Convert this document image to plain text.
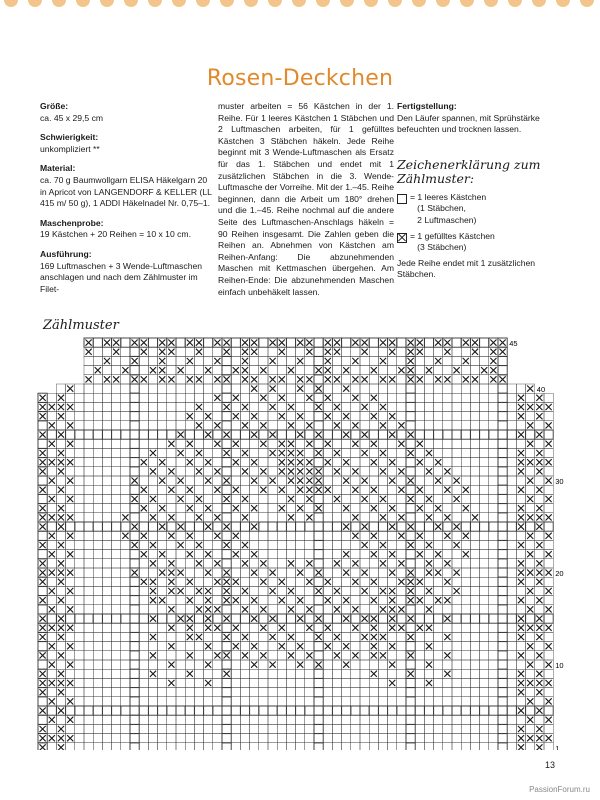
Rosen-Deckchen

Größe:
ca. 45 x 29,5 cm

Schwierigkeit:
unkompliziert **

Material:
ca. 70 g Baumwollgarn ELISA Häkelgarn 20 in Apricot von LANGENDORF & KELLER (LL 415 m/ 50 g), 1 ADDI Häkelnadel Nr. 0,75–1.

Maschenprobe:
19 Kästchen + 20 Reihen = 10 x 10 cm.

Ausführung:
169 Luftmaschen + 3 Wende-Luftmaschen anschlagen und nach dem Zählmuster im Filet-

muster arbeiten = 56 Kästchen in der 1. Reihe. Für 1 leeres Kästchen 1 Stäbchen und 2 Luftmaschen arbeiten, für 1 gefülltes Kästchen 3 Stäbchen häkeln. Jede Reihe beginnt mit 3 Wende-Luftmaschen als Ersatz für das 1. Stäbchen und endet mit 1 zusätzlichen Stäbchen in die 3. Wende-Luftmasche der Vorreihe. Mit der 1.–45. Reihe beginnen, dann die Arbeit um 180° drehen und die 1.–45. Reihe nochmal auf die andere Seite des Luftmaschen-Anschlags häkeln = 90 Reihen insgesamt. Die Zahlen geben die Reihen an. Abnehmen von Kästchen am Reihen-Anfang: Die abzunehmenden Maschen mit Kettmaschen übergehen. Am Reihen-Ende: Die abzunehmenden Maschen einfach unbehäkelt lassen.

Fertigstellung:
Den Läufer spannen, mit Sprühstärke befeuchten und trocknen lassen.

Zeichenerklärung zum Zählmuster:
= 1 leeres Kästchen
(1 Stäbchen,
2 Luftmaschen)
= 1 gefülltes Kästchen
(3 Stäbchen)
Jede Reihe endet mit 1 zusätzlichen Stäbchen.
Zählmuster
45
40
30
20
10
1
13
PassionForum.ru
